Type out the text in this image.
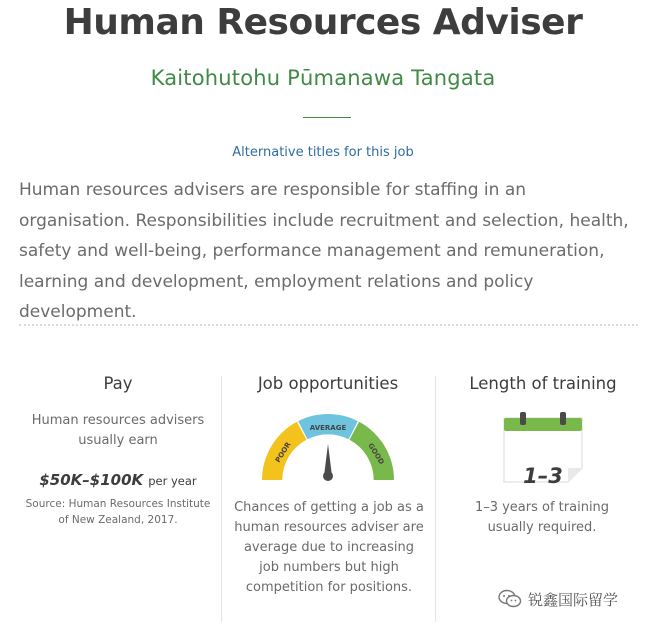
Human Resources Adviser
Kaitohutohu Pūmanawa Tangata
Alternative titles for this job

Human resources advisers are responsible for staffing in an organisation. Responsibilities include recruitment and selection, health, safety and well-being, performance management and remuneration, learning and development, employment relations and policy development.

Pay
Human resources advisers usually earn
$50K–$100K per year
Source: Human Resources Institute of New Zealand, 2017.
Job opportunities
POOR
AVERAGE
GOOD
Chances of getting a job as a human resources adviser are average due to increasing job numbers but high competition for positions.
Length of training
1–3
1–3 years of training usually required.
锐鑫国际留学
